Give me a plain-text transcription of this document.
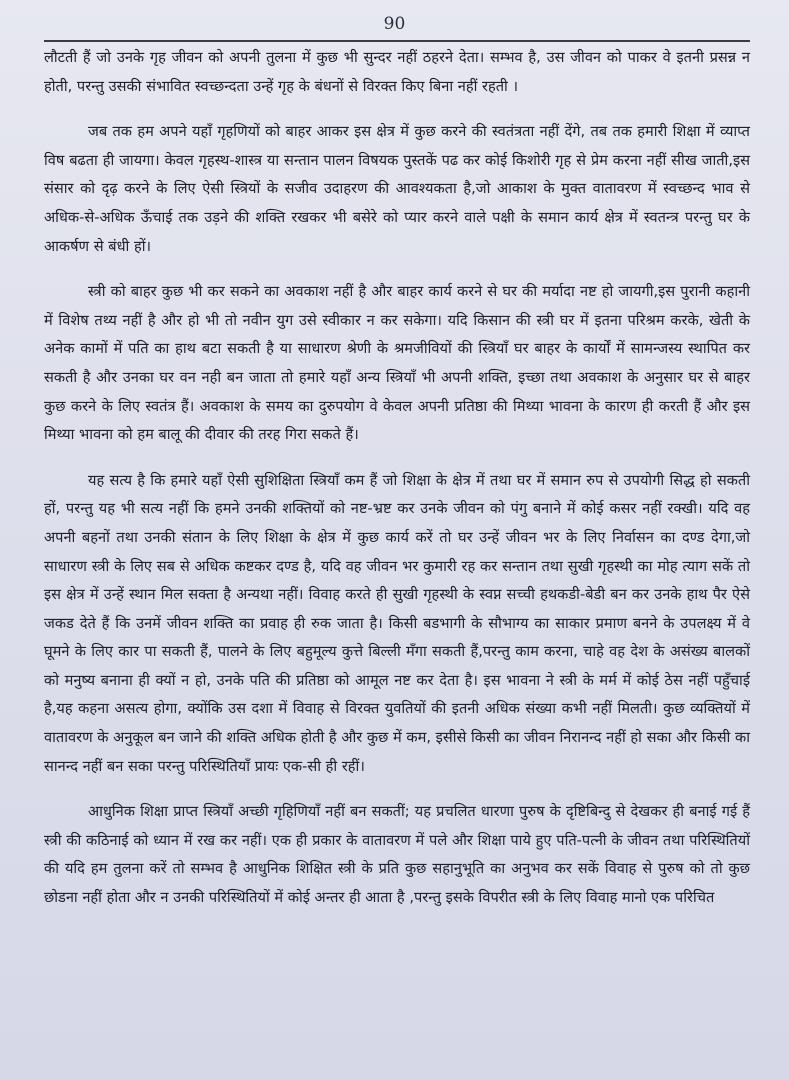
90

लौटती हैं जो उनके गृह जीवन को अपनी तुलना में कुछ भी सुन्दर नहीं ठहरने देता। सम्भव है, उस जीवन को पाकर वे इतनी प्रसन्न न होती, परन्तु उसकी संभावित स्वच्छन्दता उन्हें गृह के बंधनों से विरक्त किए बिना नहीं रहती ।

जब तक हम अपने यहाँ गृहणियों को बाहर आकर इस क्षेत्र में कुछ करने की स्वतंत्रता नहीं देंगे, तब तक हमारी शिक्षा में व्याप्त विष बढता ही जायगा। केवल गृहस्थ-शास्त्र या सन्तान पालन विषयक पुस्तकें पढ कर कोई किशोरी गृह से प्रेम करना नहीं सीख जाती,इस संसार को दृढ़ करने के लिए ऐसी स्त्रियों के सजीव उदाहरण की आवश्यकता है,जो आकाश के मुक्त वातावरण में स्वच्छन्द भाव से अधिक-से-अधिक ऊँचाई तक उड़ने की शक्ति रखकर भी बसेरे को प्यार करने वाले पक्षी के समान कार्य क्षेत्र में स्वतन्त्र परन्तु घर के आकर्षण से बंधी हों।

स्त्री को बाहर कुछ भी कर सकने का अवकाश नहीं है और बाहर कार्य करने से घर की मर्यादा नष्ट हो जायगी,इस पुरानी कहानी में विशेष तथ्य नहीं है और हो भी तो नवीन युग उसे स्वीकार न कर सकेगा। यदि किसान की स्त्री घर में इतना परिश्रम करके, खेती के अनेक कामों में पति का हाथ बटा सकती है या साधारण श्रेणी के श्रमजीवियों की स्त्रियाँ घर बाहर के कार्यों में सामन्जस्य स्थापित कर सकती है और उनका घर वन नही बन जाता तो हमारे यहाँ अन्य स्त्रियाँ भी अपनी शक्ति, इच्छा तथा अवकाश के अनुसार घर से बाहर कुछ करने के लिए स्वतंत्र हैं। अवकाश के समय का दुरुपयोग वे केवल अपनी प्रतिष्ठा की मिथ्या भावना के कारण ही करती हैं और इस मिथ्या भावना को हम बालू की दीवार की तरह गिरा सकते हैं।

यह सत्य है कि हमारे यहाँ ऐसी सुशिक्षिता स्त्रियाँ कम हैं जो शिक्षा के क्षेत्र में तथा घर में समान रुप से उपयोगी सिद्ध हो सकती हों, परन्तु यह भी सत्य नहीं कि हमने उनकी शक्तियों को नष्ट-भ्रष्ट कर उनके जीवन को पंगु बनाने में कोई कसर नहीं रक्खी। यदि वह अपनी बहनों तथा उनकी संतान के लिए शिक्षा के क्षेत्र में कुछ कार्य करें तो घर उन्हें जीवन भर के लिए निर्वासन का दण्ड देगा,जो साधारण स्त्री के लिए सब से अधिक कष्टकर दण्ड है, यदि वह जीवन भर कुमारी रह कर सन्तान तथा सुखी गृहस्थी का मोह त्याग सकें तो इस क्षेत्र में उन्हें स्थान मिल सक्ता है अन्यथा नहीं। विवाह करते ही सुखी गृहस्थी के स्वप्न सच्ची हथकडी-बेडी बन कर उनके हाथ पैर ऐसे जकड देते हैं कि उनमें जीवन शक्ति का प्रवाह ही रुक जाता है। किसी बडभागी के सौभाग्य का साकार प्रमाण बनने के उपलक्ष्य में वे घूमने के लिए कार पा सकती हैं, पालने के लिए बहुमूल्य कुत्ते बिल्ली मँगा सकती हैं,परन्तु काम करना, चाहे वह देश के असंख्य बालकों को मनुष्य बनाना ही क्यों न हो, उनके पति की प्रतिष्ठा को आमूल नष्ट कर देता है। इस भावना ने स्त्री के मर्म में कोई ठेस नहीं पहुँचाई है,यह कहना असत्य होगा, क्योंकि उस दशा में विवाह से विरक्त युवतियों की इतनी अधिक संख्या कभी नहीं मिलती। कुछ व्यक्तियों में वातावरण के अनुकूल बन जाने की शक्ति अधिक होती है और कुछ में कम, इसीसे किसी का जीवन निरानन्द नहीं हो सका और किसी का सानन्द नहीं बन सका परन्तु परिस्थितियाँ प्रायः एक-सी ही रहीं।

आधुनिक शिक्षा प्राप्त स्त्रियाँ अच्छी गृहिणियाँ नहीं बन सकतीं; यह प्रचलित धारणा पुरुष के दृष्टिबिन्दु से देखकर ही बनाई गई हैं स्त्री की कठिनाई को ध्यान में रख कर नहीं। एक ही प्रकार के वातावरण में पले और शिक्षा पाये हुए पति-पत्नी के जीवन तथा परिस्थितियों की यदि हम तुलना करें तो सम्भव है आधुनिक शिक्षित स्त्री के प्रति कुछ सहानुभूति का अनुभव कर सकें विवाह से पुरुष को तो कुछ छोडना नहीं होता और न उनकी परिस्थितियों में कोई अन्तर ही आता है ,परन्तु इसके विपरीत स्त्री के लिए विवाह मानो एक परिचित
